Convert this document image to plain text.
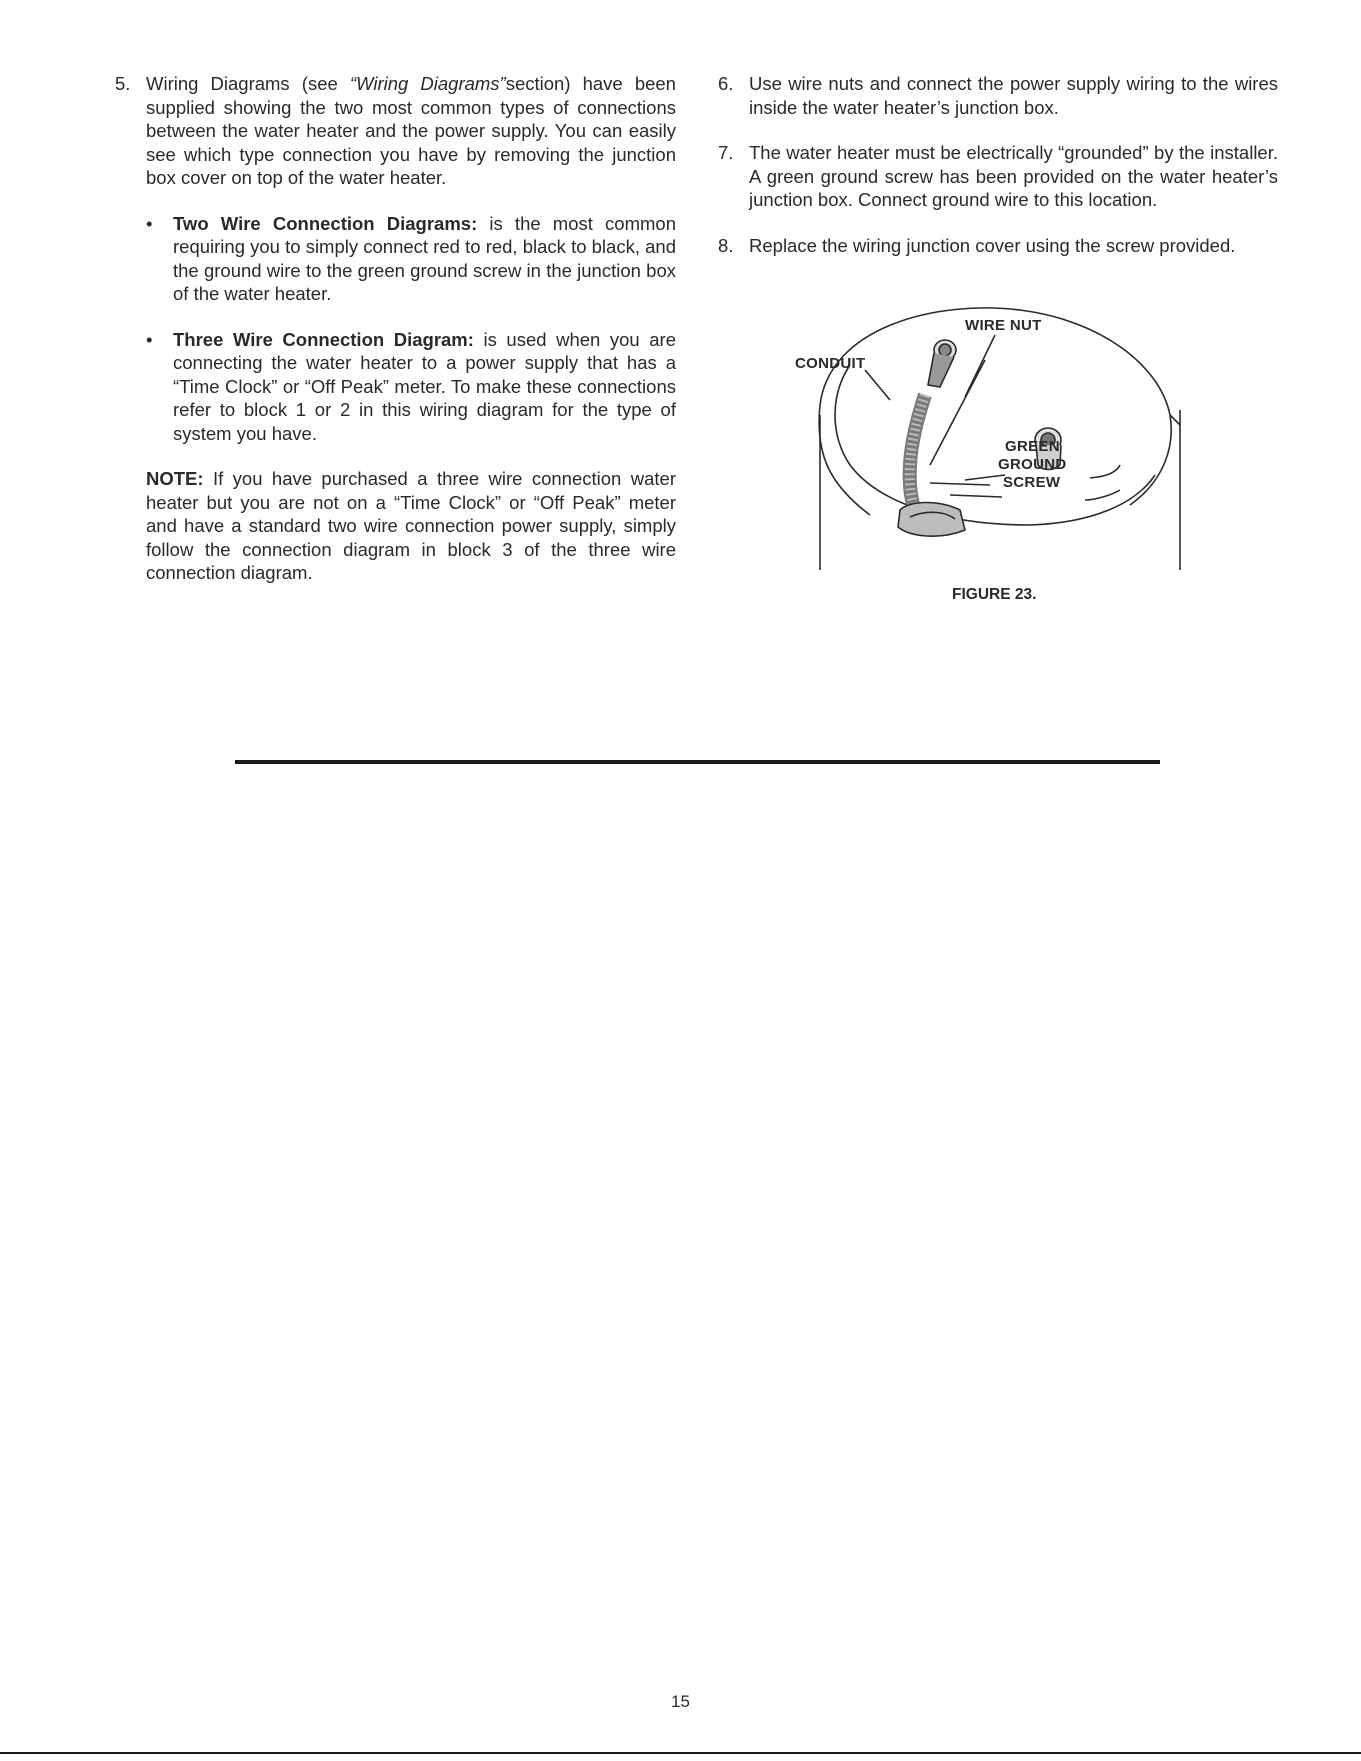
5. Wiring Diagrams (see “Wiring Diagrams”section) have been supplied showing the two most common types of connections between the water heater and the power supply. You can easily see which type connection you have by removing the junction box cover on top of the water heater.

• Two Wire Connection Diagrams: is the most common requiring you to simply connect red to red, black to black, and the ground wire to the green ground screw in the junction box of the water heater.

• Three Wire Connection Diagram: is used when you are connecting the water heater to a power supply that has a “Time Clock” or “Off Peak” meter. To make these connections refer to block 1 or 2 in this wiring diagram for the type of system you have.

NOTE: If you have purchased a three wire connection water heater but you are not on a “Time Clock” or “Off Peak” meter and have a standard two wire connection power supply, simply follow the connection diagram in block 3 of the three wire connection diagram.

6. Use wire nuts and connect the power supply wiring to the wires inside the water heater’s junction box.

7. The water heater must be electrically “grounded” by the installer. A green ground screw has been provided on the water heater’s junction box. Connect ground wire to this location.

8. Replace the wiring junction cover using the screw provided.

WIRE NUT
CONDUIT
GREEN
GROUND
SCREW
FIGURE 23.
15
